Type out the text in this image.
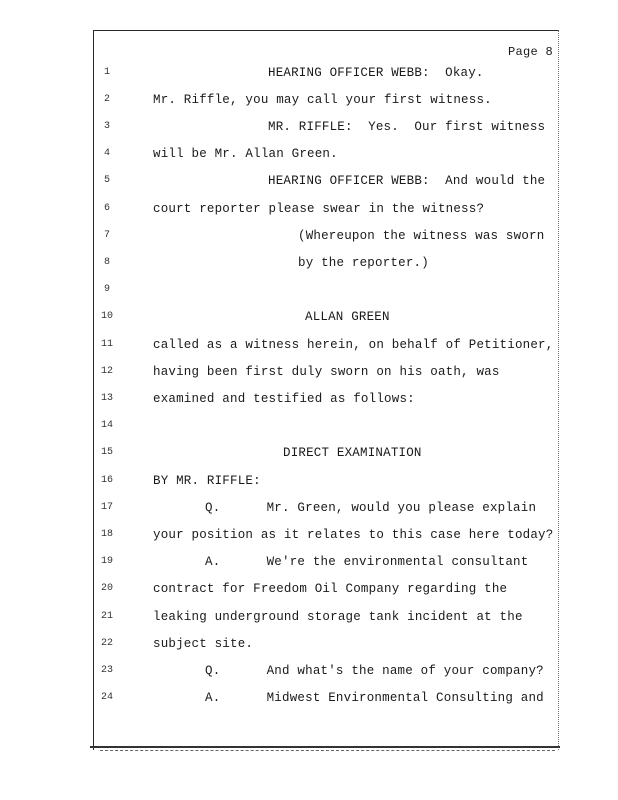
Page 8
1
2
3
4
5
6
7
8
9
10
11
12
13
14
15
16
17
18
19
20
21
22
23
24
HEARING OFFICER WEBB:  Okay.
Mr. Riffle, you may call your first witness.
MR. RIFFLE:  Yes.  Our first witness
will be Mr. Allan Green.
HEARING OFFICER WEBB:  And would the
court reporter please swear in the witness?
(Whereupon the witness was sworn
by the reporter.)
ALLAN GREEN
called as a witness herein, on behalf of Petitioner,
having been first duly sworn on his oath, was
examined and testified as follows:
DIRECT EXAMINATION
BY MR. RIFFLE:
Q.      Mr. Green, would you please explain
your position as it relates to this case here today?
A.      We're the environmental consultant
contract for Freedom Oil Company regarding the
leaking underground storage tank incident at the
subject site.
Q.      And what's the name of your company?
A.      Midwest Environmental Consulting and
